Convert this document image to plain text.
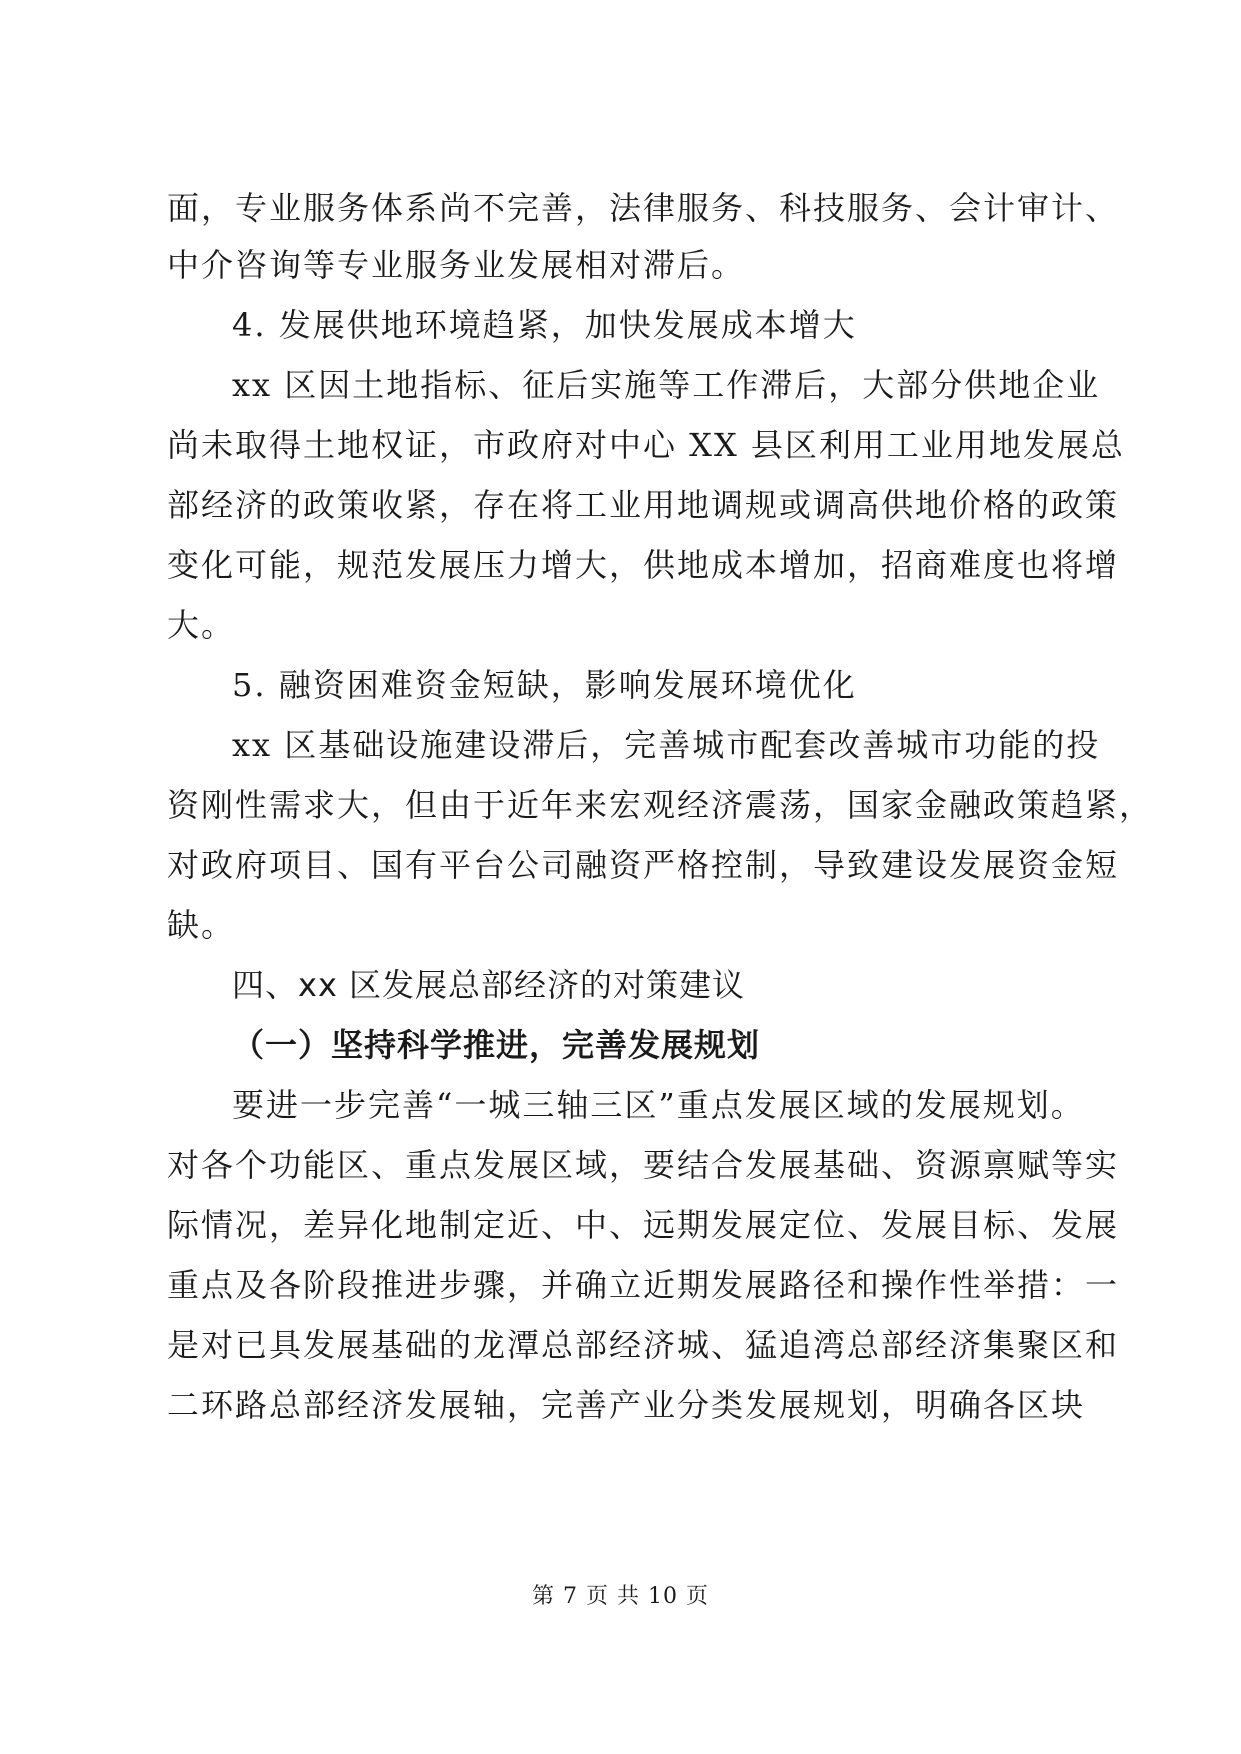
面，专业服务体系尚不完善，法律服务、科技服务、会计审计、
中介咨询等专业服务业发展相对滞后。
4. 发展供地环境趋紧，加快发展成本增大
xx 区因土地指标、征后实施等工作滞后，大部分供地企业
尚未取得土地权证，市政府对中心 XX 县区利用工业用地发展总
部经济的政策收紧，存在将工业用地调规或调高供地价格的政策
变化可能，规范发展压力增大，供地成本增加，招商难度也将增
大。
5. 融资困难资金短缺，影响发展环境优化
xx 区基础设施建设滞后，完善城市配套改善城市功能的投
资刚性需求大，但由于近年来宏观经济震荡，国家金融政策趋紧，
对政府项目、国有平台公司融资严格控制，导致建设发展资金短
缺。
四、xx 区发展总部经济的对策建议
（一）坚持科学推进，完善发展规划
要进一步完善“一城三轴三区”重点发展区域的发展规划。
对各个功能区、重点发展区域，要结合发展基础、资源禀赋等实
际情况，差异化地制定近、中、远期发展定位、发展目标、发展
重点及各阶段推进步骤，并确立近期发展路径和操作性举措：一
是对已具发展基础的龙潭总部经济城、猛追湾总部经济集聚区和
二环路总部经济发展轴，完善产业分类发展规划，明确各区块
第 7 页 共 10 页
